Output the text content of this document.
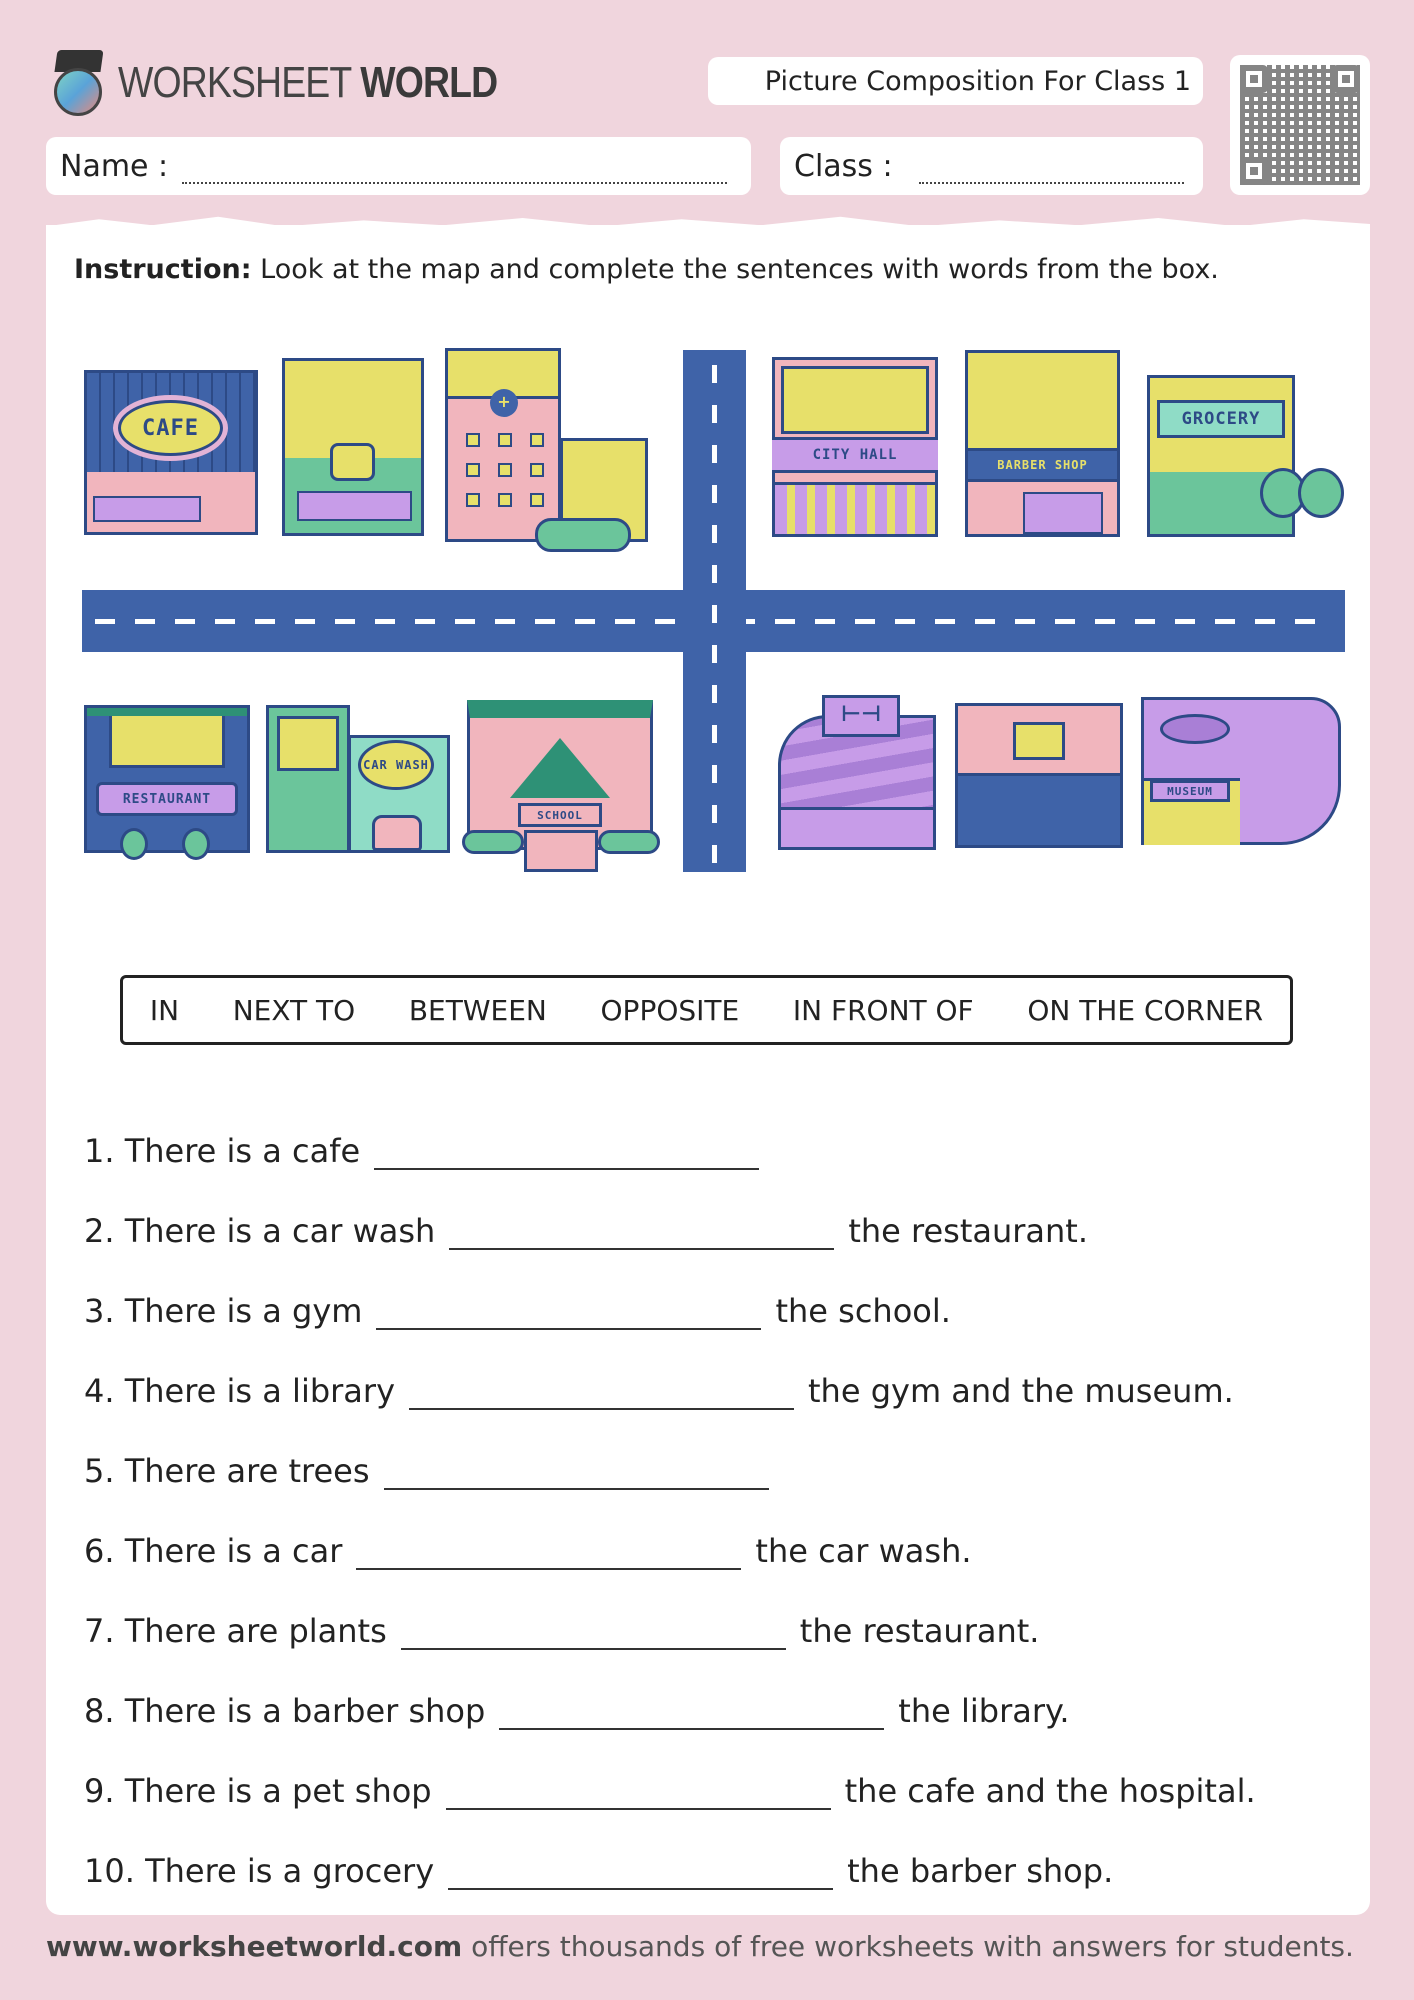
WORKSHEET WORLD	Picture Composition For Class 1
Name :	Class :
Instruction: Look at the map and complete the sentences with words from the box.
CAFE
+
CITY HALL
BARBER SHOP
GROCERY
RESTAURANT
CAR WASH
SCHOOL
⊢⊣
MUSEUM
IN NEXT TO BETWEEN OPPOSITE IN FRONT OF ON THE CORNER
1. There is a cafe
2. There is a car wash	the restaurant.
3. There is a gym	the school.
4. There is a library	the gym and the museum.
5. There are trees
6. There is a car	the car wash.
7. There are plants	the restaurant.
8. There is a barber shop	the library.
9. There is a pet shop	the cafe and the hospital.
10. There is a grocery	the barber shop.
www.worksheetworld.com offers thousands of free worksheets with answers for students.
